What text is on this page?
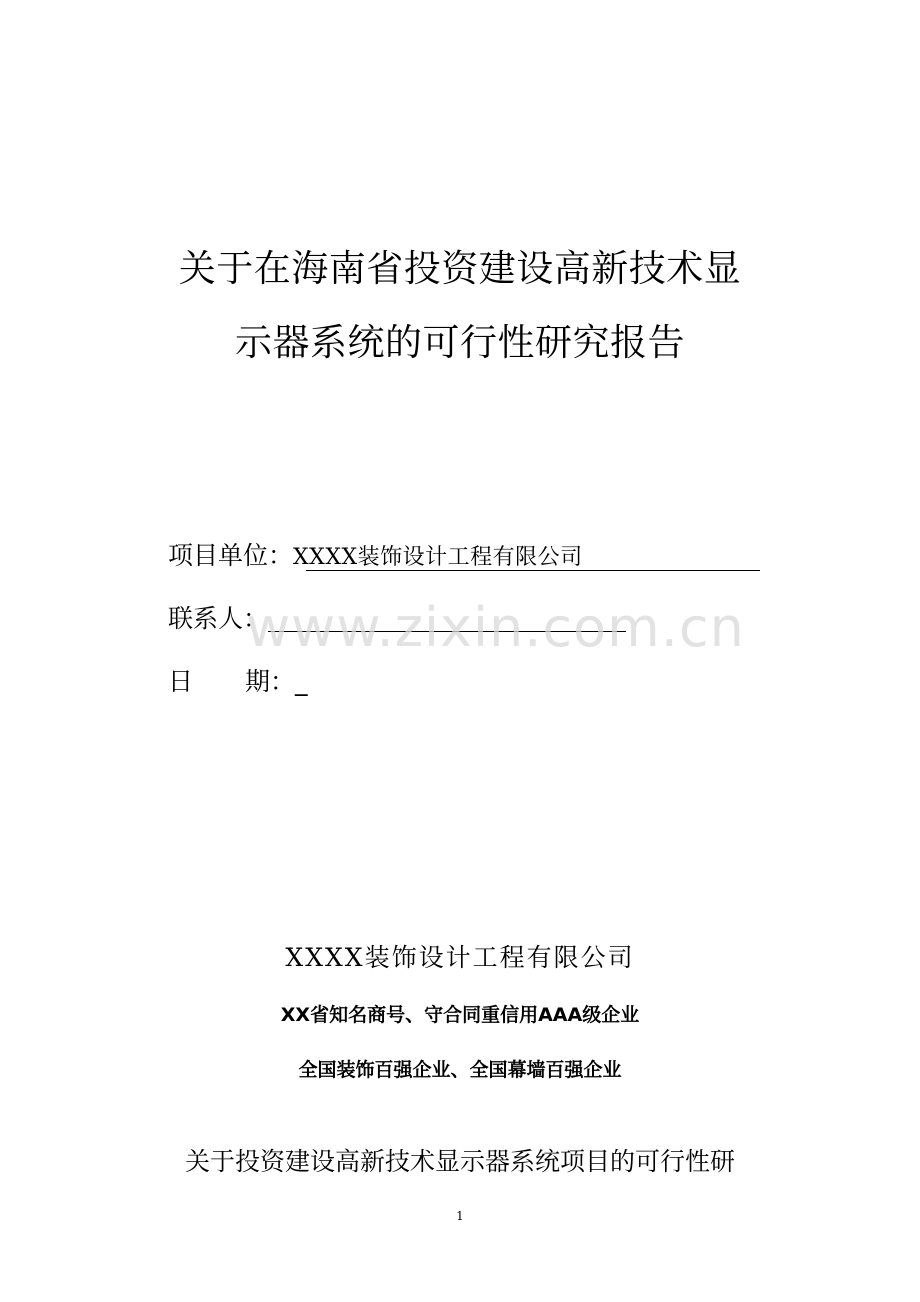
关于在海南省投资建设高新技术显
示器系统的可行性研究报告
项目单位：XXXX装饰设计工程有限公司
联系人：
日 期：_
www.zixin.com.cn
XXXX装饰设计工程有限公司
XX省知名商号、守合同重信用AAA级企业
全国装饰百强企业、全国幕墙百强企业
关于投资建设高新技术显示器系统项目的可行性研
1
